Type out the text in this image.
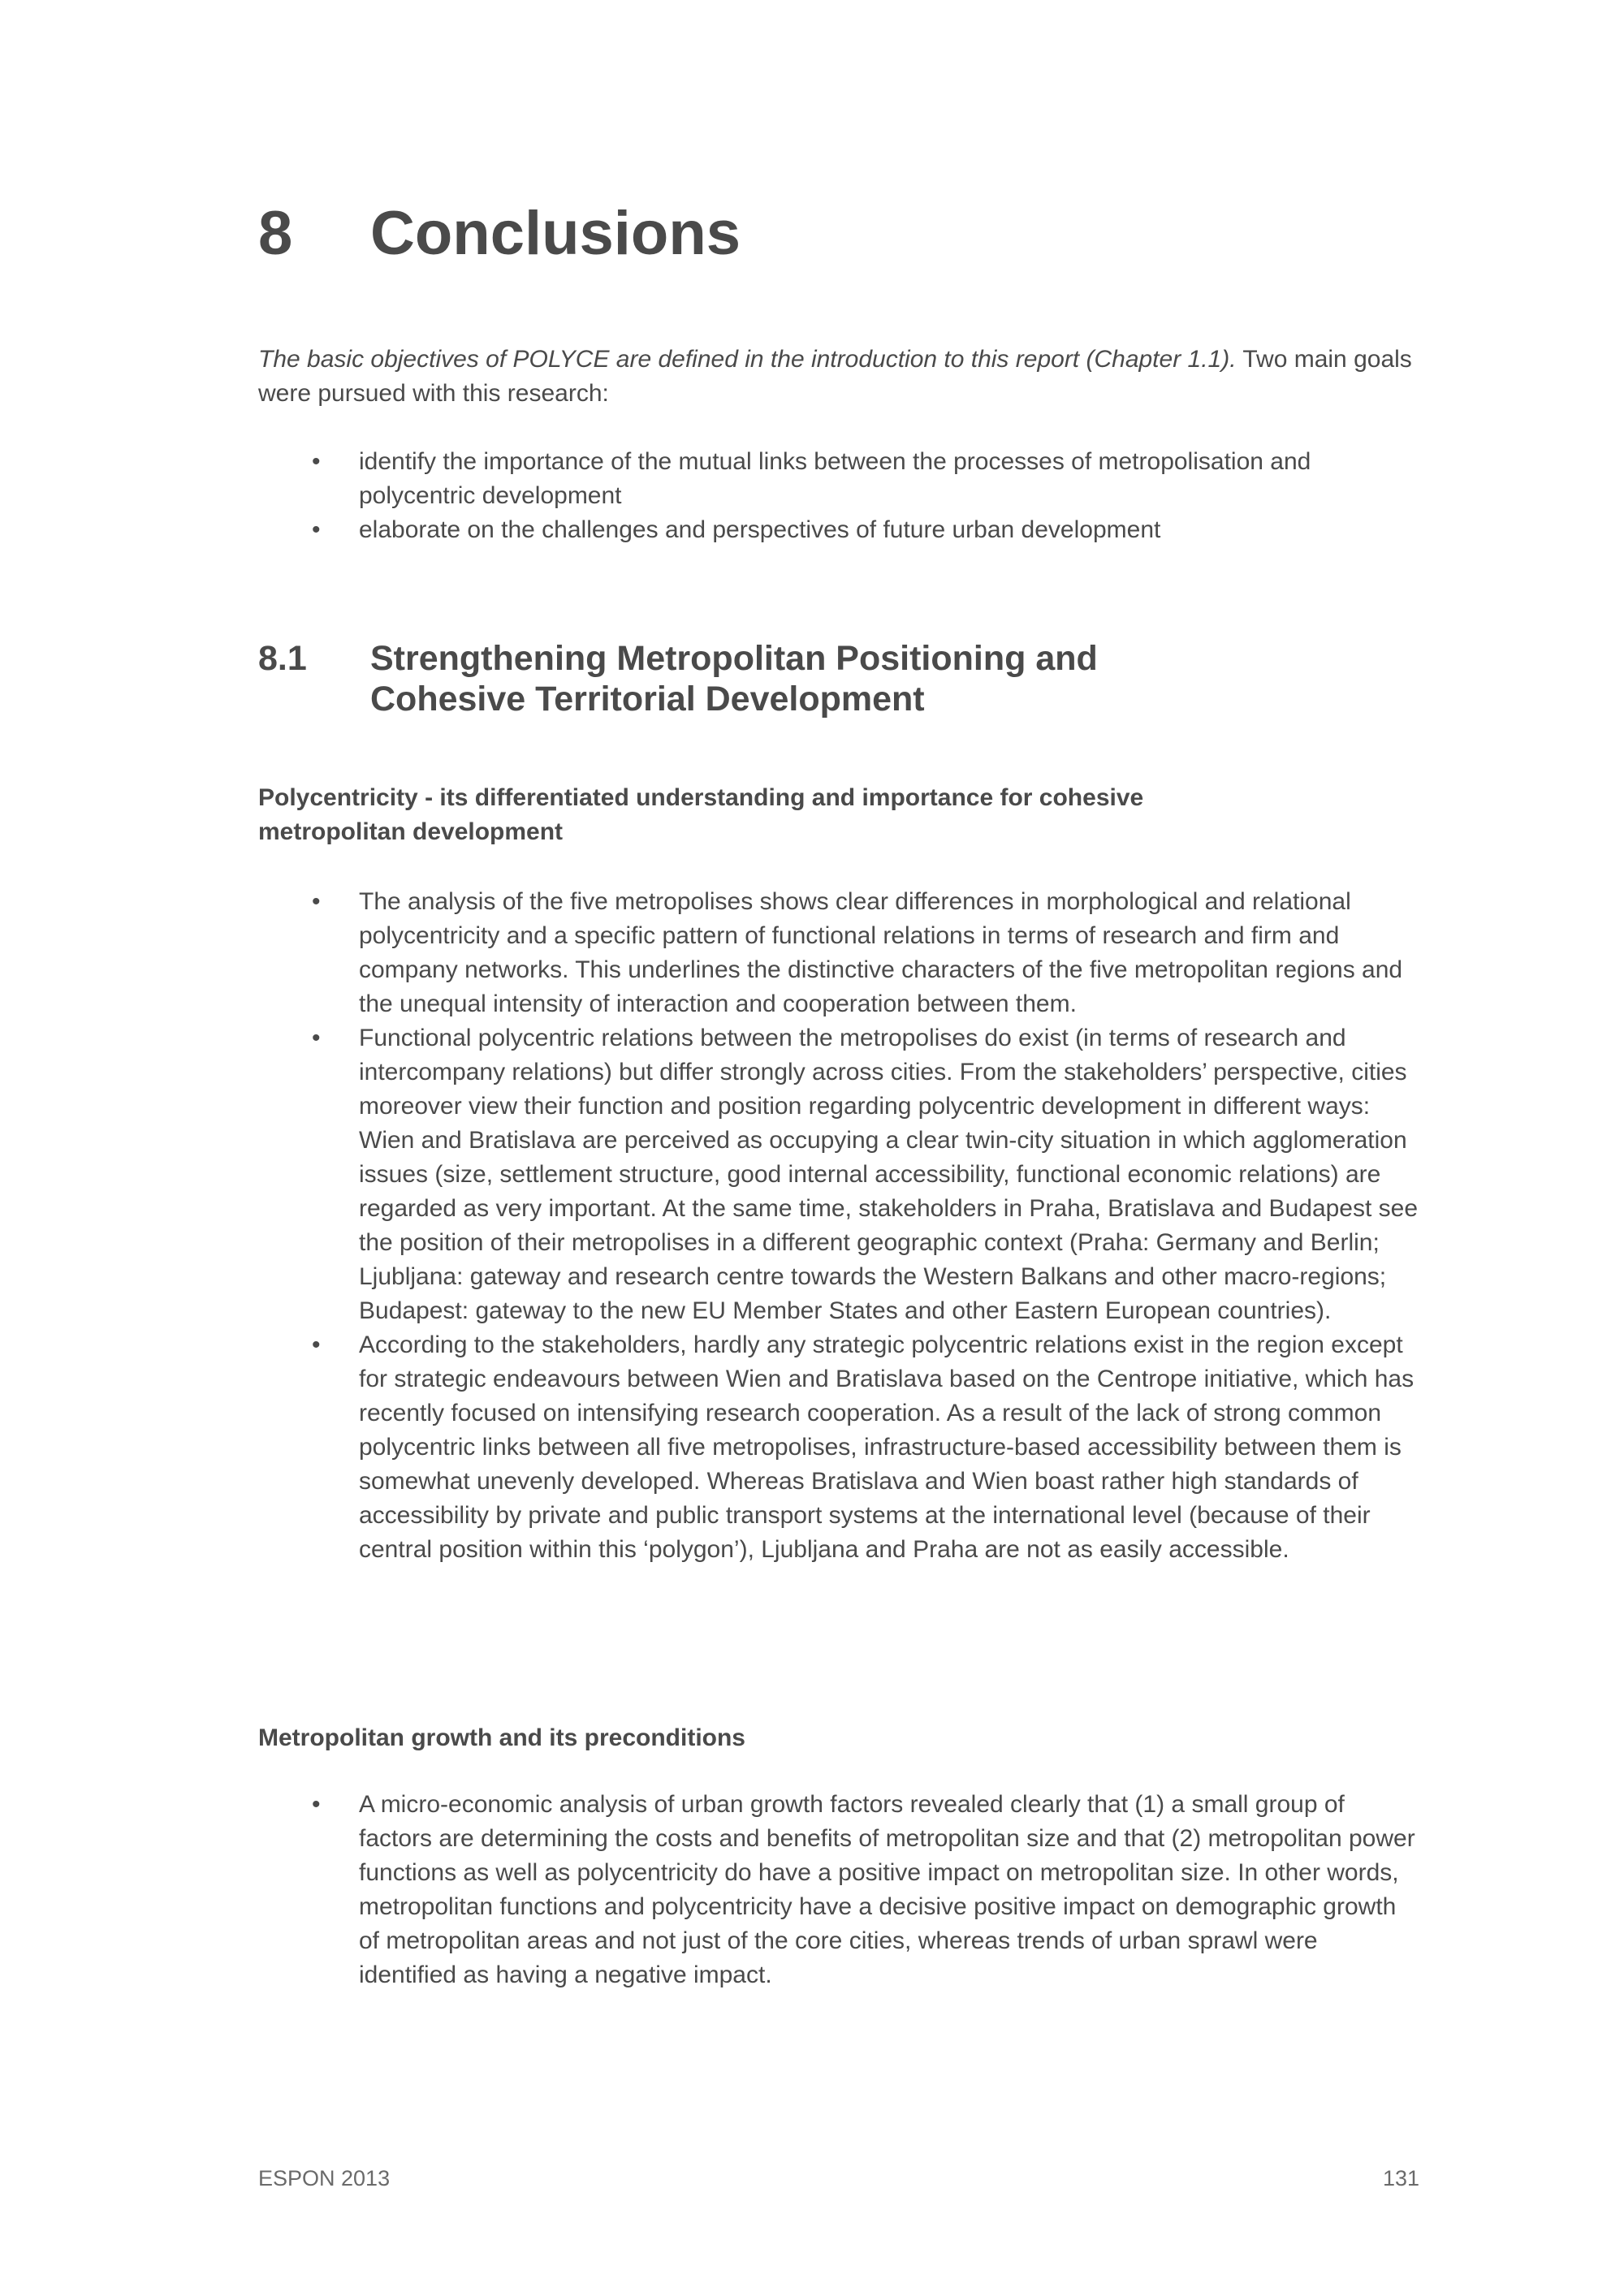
8 Conclusions

The basic objectives of POLYCE are defined in the introduction to this report (Chapter 1.1). Two main goals were pursued with this research:

• identify the importance of the mutual links between the processes of metropolisation and polycentric development
• elaborate on the challenges and perspectives of future urban development
8.1	Strengthening Metropolitan Positioning and
Cohesive Territorial Development
Polycentricity - its differentiated understanding and importance for cohesive
metropolitan development
• The analysis of the five metropolises shows clear differences in morphological and relational polycentricity and a specific pattern of functional relations in terms of research and firm and company networks. This underlines the distinctive characters of the five metropolitan regions and the unequal intensity of interaction and cooperation between them.
• Functional polycentric relations between the metropolises do exist (in terms of research and intercompany relations) but differ strongly across cities. From the stakeholders’ perspective, cities moreover view their function and position regarding polycentric development in different ways: Wien and Bratislava are perceived as occupying a clear twin-city situation in which agglomeration issues (size, settlement structure, good internal accessibility, functional economic relations) are regarded as very important. At the same time, stakeholders in Praha, Bratislava and Budapest see the position of their metropolises in a different geographic context (Praha: Germany and Berlin; Ljubljana: gateway and research centre towards the Western Balkans and other macro-regions; Budapest: gateway to the new EU Member States and other Eastern European countries).
• According to the stakeholders, hardly any strategic polycentric relations exist in the region except for strategic endeavours between Wien and Bratislava based on the Centrope initiative, which has recently focused on intensifying research cooperation. As a result of the lack of strong common polycentric links between all five metropolises, infrastructure-based accessibility between them is somewhat unevenly developed. Whereas Bratislava and Wien boast rather high standards of accessibility by private and public transport systems at the international level (because of their central position within this ‘polygon’), Ljubljana and Praha are not as easily accessible.
Metropolitan growth and its preconditions
• A micro-economic analysis of urban growth factors revealed clearly that (1) a small group of factors are determining the costs and benefits of metropolitan size and that (2) metropolitan power functions as well as polycentricity do have a positive impact on metropolitan size. In other words, metropolitan functions and polycentricity have a decisive positive impact on demographic growth of metropolitan areas and not just of the core cities, whereas trends of urban sprawl were identified as having a negative impact.
ESPON 2013	131
